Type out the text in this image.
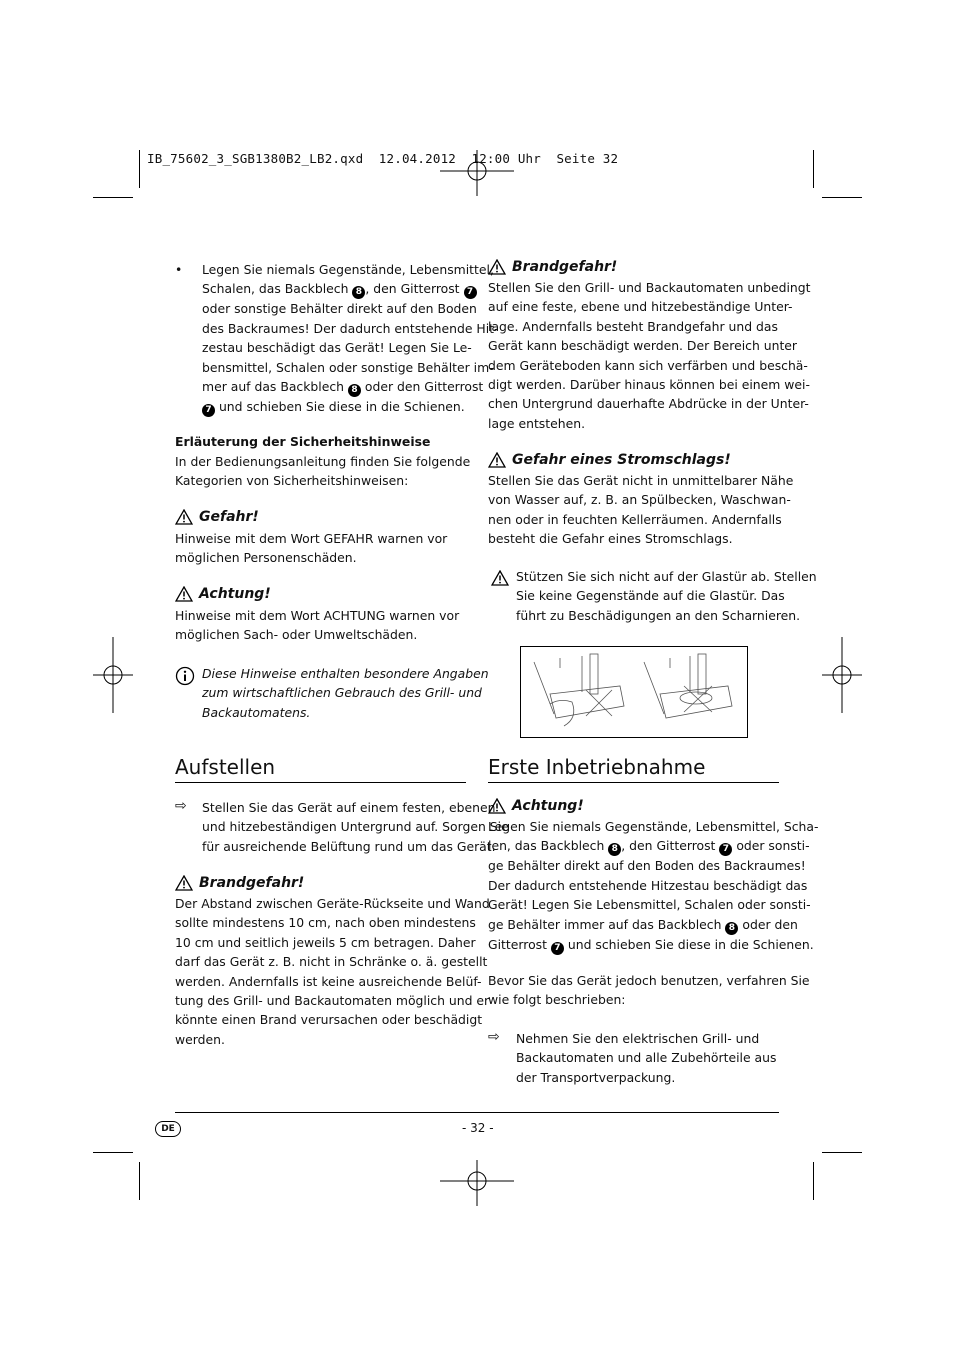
IB_75602_3_SGB1380B2_LB2.qxd  12.04.2012  12:00 Uhr  Seite 32
• Legen Sie niemals Gegenstände, Lebensmittel,
Schalen, das Backblech 8 , den Gitterrost 7
oder sonstige Behälter direkt auf den Boden
des Backraumes! Der dadurch entstehende Hit-
zestau beschädigt das Gerät! Legen Sie Le-
bensmittel, Schalen oder sonstige Behälter im-
mer auf das Backblech 8 oder den Gitterrost
7 und schieben Sie diese in die Schienen.
Erläuterung der Sicherheitshinweise
In der Bedienungsanleitung finden Sie folgende
Kategorien von Sicherheitshinweisen:
Gefahr!
Hinweise mit dem Wort GEFAHR warnen vor
möglichen Personenschäden.
Achtung!
Hinweise mit dem Wort ACHTUNG warnen vor
möglichen Sach- oder Umweltschäden.
Diese Hinweise enthalten besondere Angaben
zum wirtschaftlichen Gebrauch des Grill- und
Backautomatens.
Aufstellen
⇨ Stellen Sie das Gerät auf einem festen, ebenen
und hitzebeständigen Untergrund auf. Sorgen Sie
für ausreichende Belüftung rund um das Gerät.
Brandgefahr!
Der Abstand zwischen Geräte-Rückseite und Wand
sollte mindestens 10 cm, nach oben mindestens
10 cm und seitlich jeweils 5 cm betragen. Daher
darf das Gerät z. B. nicht in Schränke o. ä. gestellt
werden. Andernfalls ist keine ausreichende Belüf-
tung des Grill- und Backautomaten möglich und er
könnte einen Brand verursachen oder beschädigt
werden.
Brandgefahr!
Stellen Sie den Grill- und Backautomaten unbedingt
auf eine feste, ebene und hitzebeständige Unter-
lage. Andernfalls besteht Brandgefahr und das
Gerät kann beschädigt werden. Der Bereich unter
dem Geräteboden kann sich verfärben und beschä-
digt werden. Darüber hinaus können bei einem wei-
chen Untergrund dauerhafte Abdrücke in der Unter-
lage entstehen.
Gefahr eines Stromschlags!
Stellen Sie das Gerät nicht in unmittelbarer Nähe
von Wasser auf, z. B. an Spülbecken, Waschwan-
nen oder in feuchten Kellerräumen. Andernfalls
besteht die Gefahr eines Stromschlags.
Stützen Sie sich nicht auf der Glastür ab. Stellen
Sie keine Gegenstände auf die Glastür. Das
führt zu Beschädigungen an den Scharnieren.
Erste Inbetriebnahme
Achtung!
Legen Sie niemals Gegenstände, Lebensmittel, Scha-
len, das Backblech 8 , den Gitterrost 7 oder sonsti-
ge Behälter direkt auf den Boden des Backraumes!
Der dadurch entstehende Hitzestau beschädigt das
Gerät! Legen Sie Lebensmittel, Schalen oder sonsti-
ge Behälter immer auf das Backblech 8 oder den
Gitterrost 7 und schieben Sie diese in die Schienen.
Bevor Sie das Gerät jedoch benutzen, verfahren Sie
wie folgt beschrieben:
⇨ Nehmen Sie den elektrischen Grill- und
Backautomaten und alle Zubehörteile aus
der Transportverpackung.
DE	- 32 -
